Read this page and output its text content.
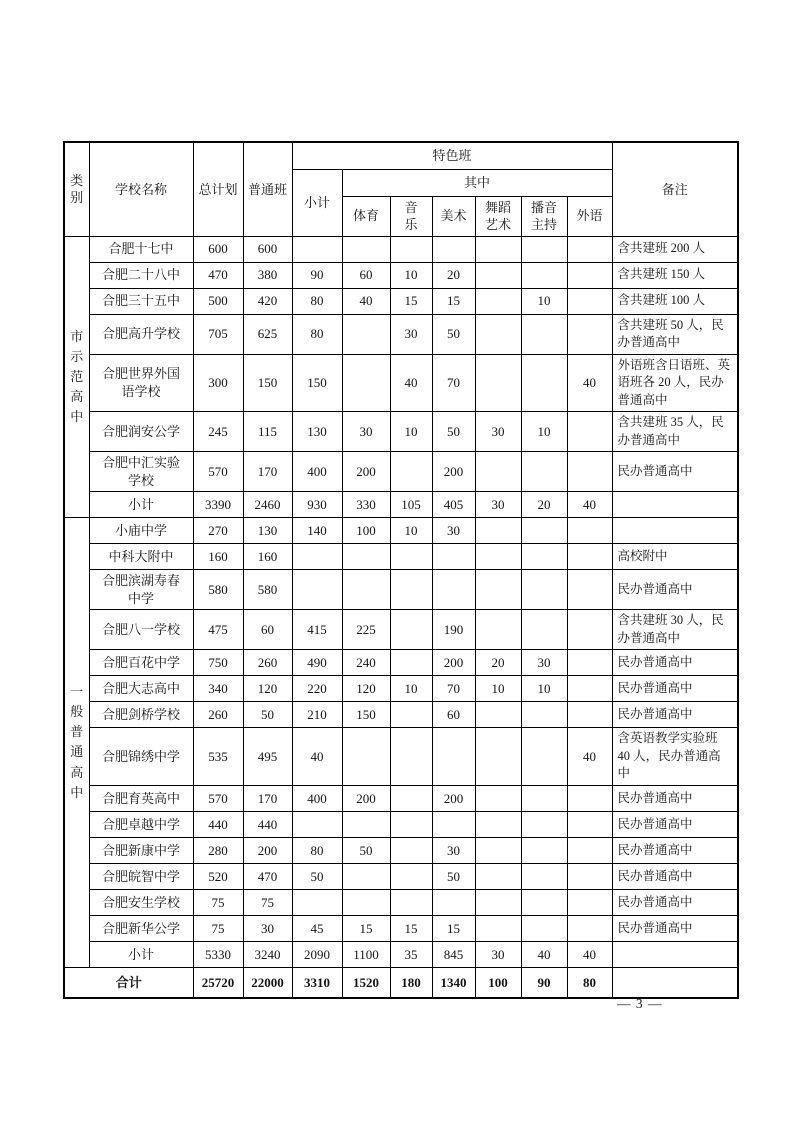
类别	学校名称	总计划	普通班	特色班							备注
				小计	其中						
					体育	音乐	美术	舞蹈艺术	播音主持	外语	
市示范高中	合肥十七中	600	600								含共建班 200 人
	合肥二十八中	470	380	90	60	10	20				含共建班 150 人
	合肥三十五中	500	420	80	40	15	15		10		含共建班 100 人
	合肥高升学校	705	625	80		30	50				含共建班 50 人，民办普通高中
	合肥世界外国语学校	300	150	150		40	70			40	外语班含日语班、英语班各 20 人，民办普通高中
	合肥润安公学	245	115	130	30	10	50	30	10		含共建班 35 人，民办普通高中
	合肥中汇实验学校	570	170	400	200		200				民办普通高中
	小计	3390	2460	930	330	105	405	30	20	40	
一般普通高中	小庙中学	270	130	140	100	10	30				
	中科大附中	160	160								高校附中
	合肥滨湖寿春中学	580	580								民办普通高中
	合肥八一学校	475	60	415	225		190				含共建班 30 人，民办普通高中
	合肥百花中学	750	260	490	240		200	20	30		民办普通高中
	合肥大志高中	340	120	220	120	10	70	10	10		民办普通高中
	合肥剑桥学校	260	50	210	150		60				民办普通高中
	合肥锦绣中学	535	495	40						40	含英语教学实验班 40 人，民办普通高中
	合肥育英高中	570	170	400	200		200				民办普通高中
	合肥卓越中学	440	440								民办普通高中
	合肥新康中学	280	200	80	50		30				民办普通高中
	合肥皖智中学	520	470	50			50				民办普通高中
	合肥安生学校	75	75								民办普通高中
	合肥新华公学	75	30	45	15	15	15				民办普通高中
	小计	5330	3240	2090	1100	35	845	30	40	40	
合计		25720	22000	3310	1520	180	1340	100	90	80	
— 3 —
